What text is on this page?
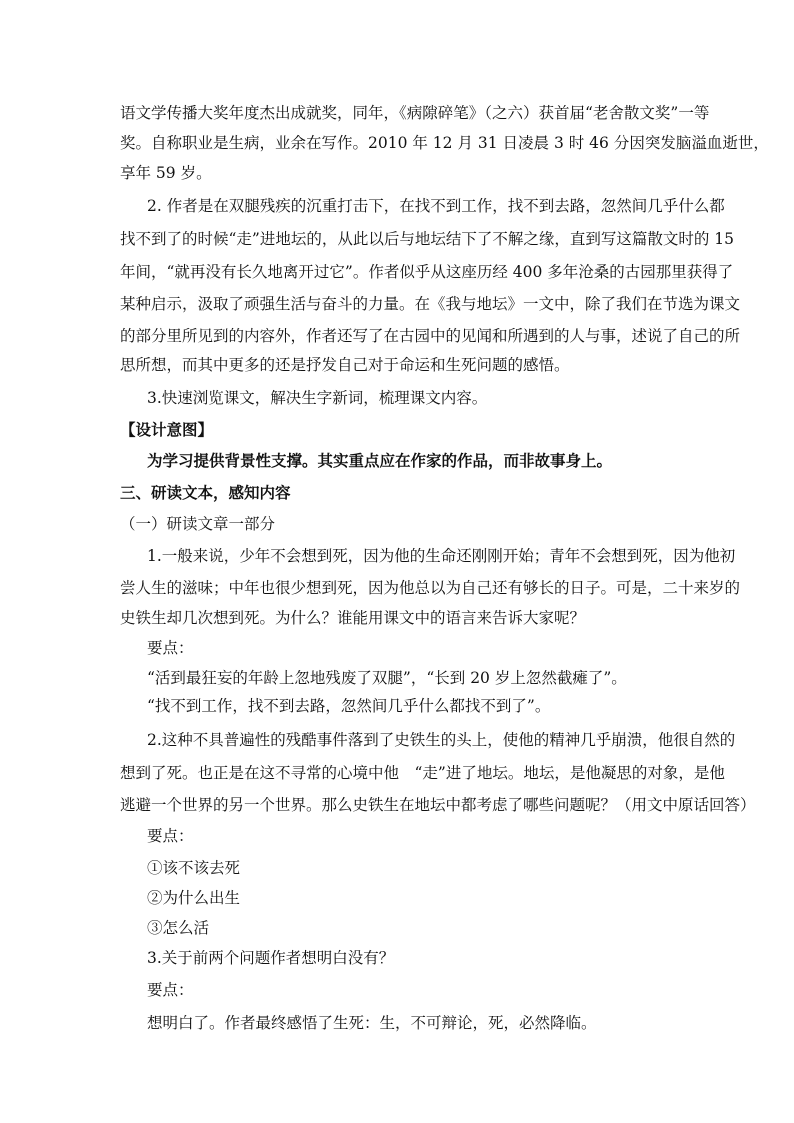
语文学传播大奖年度杰出成就奖，同年，《病隙碎笔》（之六）获首届“老舍散文奖”一等
奖。自称职业是生病，业余在写作。2010 年 12 月 31 日凌晨 3 时 46 分因突发脑溢血逝世，
享年 59 岁。
2. 作者是在双腿残疾的沉重打击下，在找不到工作，找不到去路，忽然间几乎什么都
找不到了的时候“走”进地坛的，从此以后与地坛结下了不解之缘，直到写这篇散文时的 15
年间，“就再没有长久地离开过它”。作者似乎从这座历经 400 多年沧桑的古园那里获得了
某种启示，汲取了顽强生活与奋斗的力量。在《我与地坛》一文中，除了我们在节选为课文
的部分里所见到的内容外，作者还写了在古园中的见闻和所遇到的人与事，述说了自己的所
思所想，而其中更多的还是抒发自己对于命运和生死问题的感悟。
3.快速浏览课文，解决生字新词，梳理课文内容。
【设计意图】
为学习提供背景性支撑。其实重点应在作家的作品，而非故事身上。
三、研读文本，感知内容
（一）研读文章一部分
1.一般来说，少年不会想到死，因为他的生命还刚刚开始；青年不会想到死，因为他初
尝人生的滋味；中年也很少想到死，因为他总以为自己还有够长的日子。可是，二十来岁的
史铁生却几次想到死。为什么？谁能用课文中的语言来告诉大家呢？
要点：
“活到最狂妄的年龄上忽地残废了双腿”，“长到 20 岁上忽然截瘫了”。
“找不到工作，找不到去路，忽然间几乎什么都找不到了”。
2.这种不具普遍性的残酷事件落到了史铁生的头上，使他的精神几乎崩溃，他很自然的
想到了死。也正是在这不寻常的心境中他　“走”进了地坛。地坛，是他凝思的对象，是他
逃避一个世界的另一个世界。那么史铁生在地坛中都考虑了哪些问题呢？（用文中原话回答）
要点：
①该不该去死
②为什么出生
③怎么活
3.关于前两个问题作者想明白没有？
要点：
想明白了。作者最终感悟了生死：生，不可辩论，死，必然降临。
